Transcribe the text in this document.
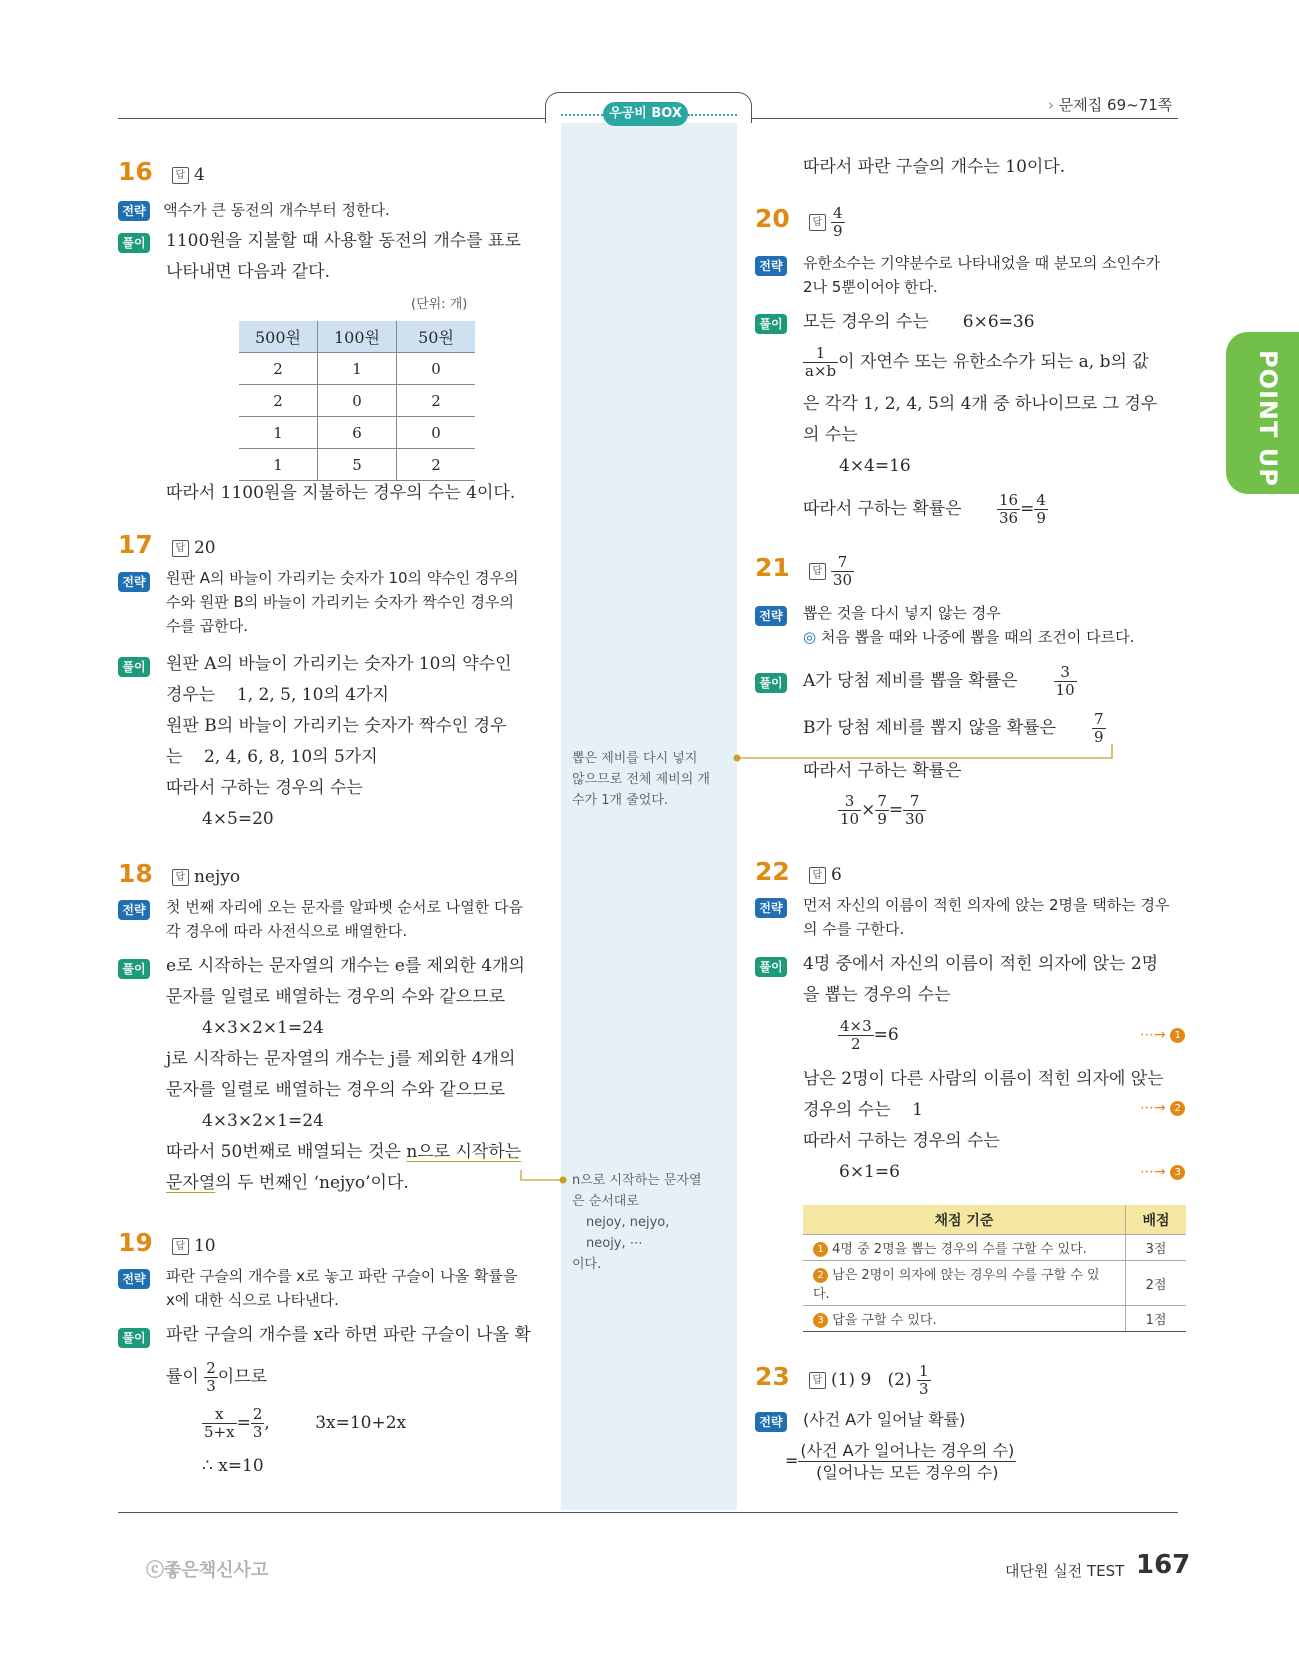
우공비 BOX	› 문제집 69~71쪽
POINT UP
16 답 4
전략 액수가 큰 동전의 개수부터 정한다.
풀이 1100원을 지불할 때 사용할 동전의 개수를 표로
나타내면 다음과 같다.
(단위: 개)
500원	100원	50원
2	1	0
2	0	2
1	6	0
1	5	2
따라서 1100원을 지불하는 경우의 수는 4이다.
17 답 20
전략 원판 A의 바늘이 가리키는 숫자가 10의 약수인 경우의
수와 원판 B의 바늘이 가리키는 숫자가 짝수인 경우의
수를 곱한다.
풀이 원판 A의 바늘이 가리키는 숫자가 10의 약수인
경우는    1, 2, 5, 10의 4가지
원판 B의 바늘이 가리키는 숫자가 짝수인 경우
는    2, 4, 6, 8, 10의 5가지
따라서 구하는 경우의 수는
4×5=20
18 답 nejyo
전략 첫 번째 자리에 오는 문자를 알파벳 순서로 나열한 다음
각 경우에 따라 사전식으로 배열한다.
풀이 e로 시작하는 문자열의 개수는 e를 제외한 4개의
문자를 일렬로 배열하는 경우의 수와 같으므로
4×3×2×1=24
j로 시작하는 문자열의 개수는 j를 제외한 4개의
문자를 일렬로 배열하는 경우의 수와 같으므로
4×3×2×1=24
따라서 50번째로 배열되는 것은 n으로 시작하는
문자열의 두 번째인 ‘nejyo’이다.
19 답 10
전략 파란 구슬의 개수를 x로 놓고 파란 구슬이 나올 확률을
x에 대한 식으로 나타낸다.
풀이 파란 구슬의 개수를 x라 하면 파란 구슬이 나올 확
률이 $\frac{2}{3}$ 이므로
$\frac{x}{5+x} = \frac{2}{3}$ ,	3x=10+2x
∴ x=10
뽑은 제비를 다시 넣지
않으므로 전체 제비의 개
수가 1개 줄었다.
n으로 시작하는 문자열
은 순서대로
nejoy, nejyo,
neojy, ⋯
이다.
따라서 파란 구슬의 개수는 10이다.
20 답 $\frac{4}{9}$
전략 유한소수는 기약분수로 나타내었을 때 분모의 소인수가
2나 5뿐이어야 한다.
풀이 모든 경우의 수는 6×6=36
$\frac{1}{a\times b}$ 이 자연수 또는 유한소수가 되는 a, b의 값
은 각각 1, 2, 4, 5의 4개 중 하나이므로 그 경우
의 수는
4×4=16
따라서 구하는 확률은 $\frac{16}{36} = \frac{4}{9}$
21 답 $\frac{7}{30}$
전략 뽑은 것을 다시 넣지 않는 경우
◎ 처음 뽑을 때와 나중에 뽑을 때의 조건이 다르다.
풀이 A가 당첨 제비를 뽑을 확률은 $\frac{3}{10}$
B가 당첨 제비를 뽑지 않을 확률은 $\frac{7}{9}$
따라서 구하는 확률은
$\frac{3}{10} \times \frac{7}{9} = \frac{7}{30}$
22 답 6
전략 먼저 자신의 이름이 적힌 의자에 앉는 2명을 택하는 경우
의 수를 구한다.
풀이 4명 중에서 자신의 이름이 적힌 의자에 앉는 2명
을 뽑는 경우의 수는
$\frac{4\times 3}{2} =6$
남은 2명이 다른 사람의 이름이 적힌 의자에 앉는
경우의 수는    1
따라서 구하는 경우의 수는
6×1=6
⋯→ 1
⋯→ 2
⋯→ 3
채점 기준	배점
1 4명 중 2명을 뽑는 경우의 수를 구할 수 있다.	3점
2 남은 2명이 의자에 앉는 경우의 수를 구할 수 있다.	2점
3 답을 구할 수 있다.	1점
23 답 (1) 9   $(2) \frac{1}{3}$
전략 (사건 A가 일어날 확률)
= $\frac{\text{(사건 A가 일어나는 경우의 수)}}{\text{(일어나는 모든 경우의 수)}}$
ⓒ좋은책신사고	대단원 실전 TEST 167
